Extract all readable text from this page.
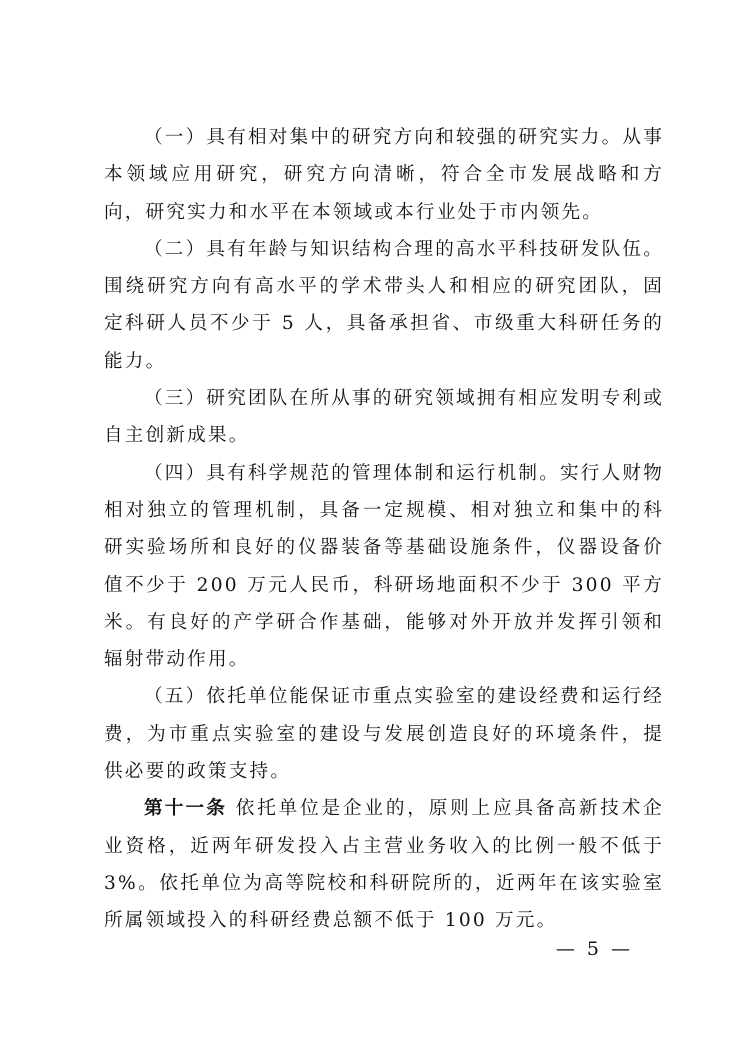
（一）具有相对集中的研究方向和较强的研究实力。从事本领域应用研究，研究方向清晰，符合全市发展战略和方向，研究实力和水平在本领域或本行业处于市内领先。

（二）具有年龄与知识结构合理的高水平科技研发队伍。围绕研究方向有高水平的学术带头人和相应的研究团队，固定科研人员不少于 5 人，具备承担省、市级重大科研任务的能力。

（三）研究团队在所从事的研究领域拥有相应发明专利或自主创新成果。

（四）具有科学规范的管理体制和运行机制。实行人财物相对独立的管理机制，具备一定规模、相对独立和集中的科研实验场所和良好的仪器装备等基础设施条件，仪器设备价值不少于 200 万元人民币，科研场地面积不少于 300 平方米。有良好的产学研合作基础，能够对外开放并发挥引领和辐射带动作用。

（五）依托单位能保证市重点实验室的建设经费和运行经费，为市重点实验室的建设与发展创造良好的环境条件，提供必要的政策支持。

第十一条 依托单位是企业的，原则上应具备高新技术企业资格，近两年研发投入占主营业务收入的比例一般不低于 3%。依托单位为高等院校和科研院所的，近两年在该实验室所属领域投入的科研经费总额不低于 100 万元。

— 5 —
